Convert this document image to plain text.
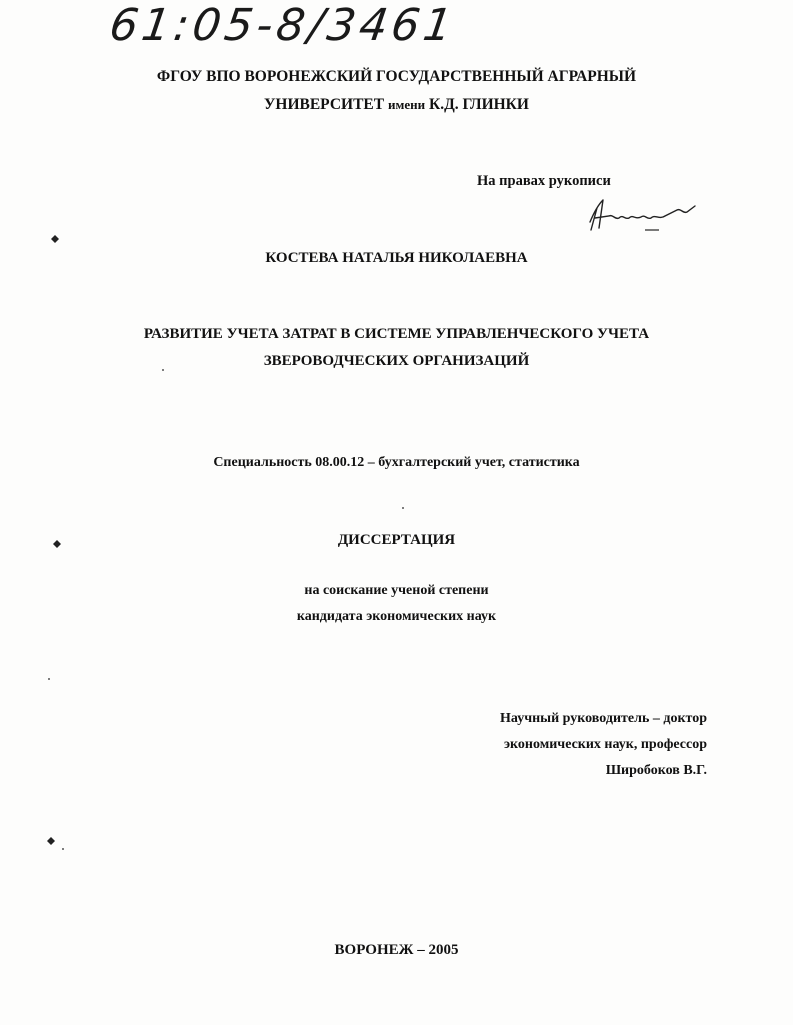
61:05-8/3461
ФГОУ ВПО ВОРОНЕЖСКИЙ ГОСУДАРСТВЕННЫЙ АГРАРНЫЙ
УНИВЕРСИТЕТ имени К.Д. ГЛИНКИ
На правах рукописи
КОСТЕВА НАТАЛЬЯ НИКОЛАЕВНА
РАЗВИТИЕ УЧЕТА ЗАТРАТ В СИСТЕМЕ УПРАВЛЕНЧЕСКОГО УЧЕТА
ЗВЕРОВОДЧЕСКИХ ОРГАНИЗАЦИЙ
Специальность 08.00.12 – бухгалтерский учет, статистика
ДИССЕРТАЦИЯ
на соискание ученой степени
кандидата экономических наук
Научный руководитель – доктор
экономических наук, профессор
Широбоков В.Г.
ВОРОНЕЖ – 2005
